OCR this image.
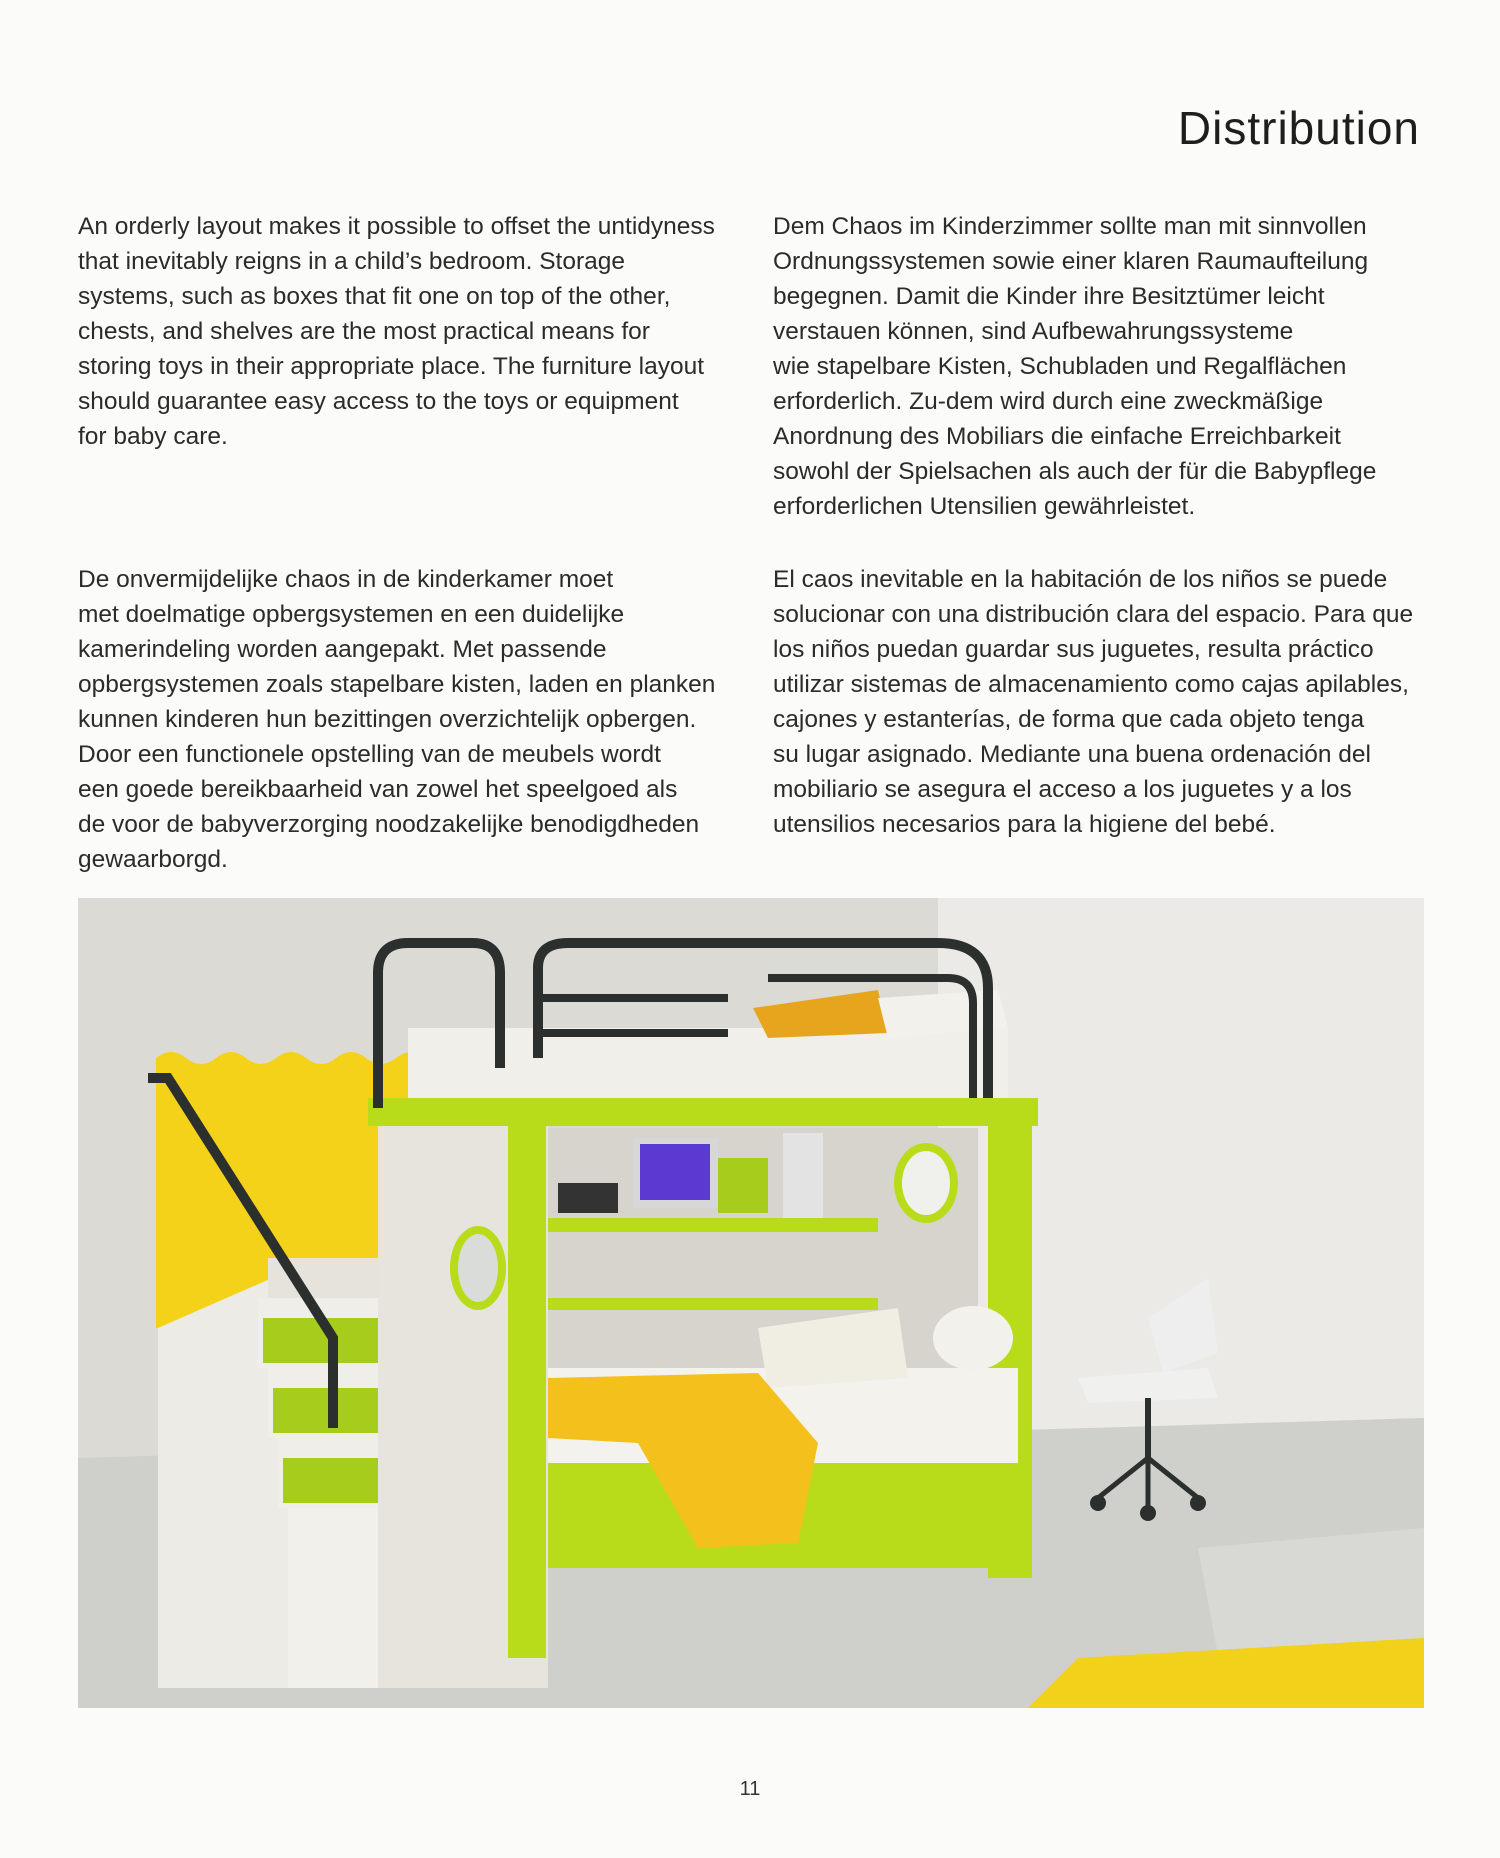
Distribution

An orderly layout makes it possible to offset the untidyness
that inevitably reigns in a child’s bedroom. Storage
systems, such as boxes that fit one on top of the other,
chests, and shelves are the most practical means for
storing toys in their appropriate place. The furniture layout
should guarantee easy access to the toys or equipment
for baby care.

Dem Chaos im Kinderzimmer sollte man mit sinnvollen
Ordnungssystemen sowie einer klaren Raumaufteilung
begegnen. Damit die Kinder ihre Besitztümer leicht
verstauen können, sind Aufbewahrungssysteme
wie stapelbare Kisten, Schubladen und Regalflächen
erforderlich. Zu-dem wird durch eine zweckmäßige
Anordnung des Mobiliars die einfache Erreichbarkeit
sowohl der Spielsachen als auch der für die Babypflege
erforderlichen Utensilien gewährleistet.

De onvermijdelijke chaos in de kinderkamer moet
met doelmatige opbergsystemen en een duidelijke
kamerindeling worden aangepakt. Met passende
opbergsystemen zoals stapelbare kisten, laden en planken
kunnen kinderen hun bezittingen overzichtelijk opbergen.
Door een functionele opstelling van de meubels wordt
een goede bereikbaarheid van zowel het speelgoed als
de voor de babyverzorging noodzakelijke benodigdheden
gewaarborgd.

El caos inevitable en la habitación de los niños se puede
solucionar con una distribución clara del espacio. Para que
los niños puedan guardar sus juguetes, resulta práctico
utilizar sistemas de almacenamiento como cajas apilables,
cajones y estanterías, de forma que cada objeto tenga
su lugar asignado. Mediante una buena ordenación del
mobiliario se asegura el acceso a los juguetes y a los
utensilios necesarios para la higiene del bebé.

11
